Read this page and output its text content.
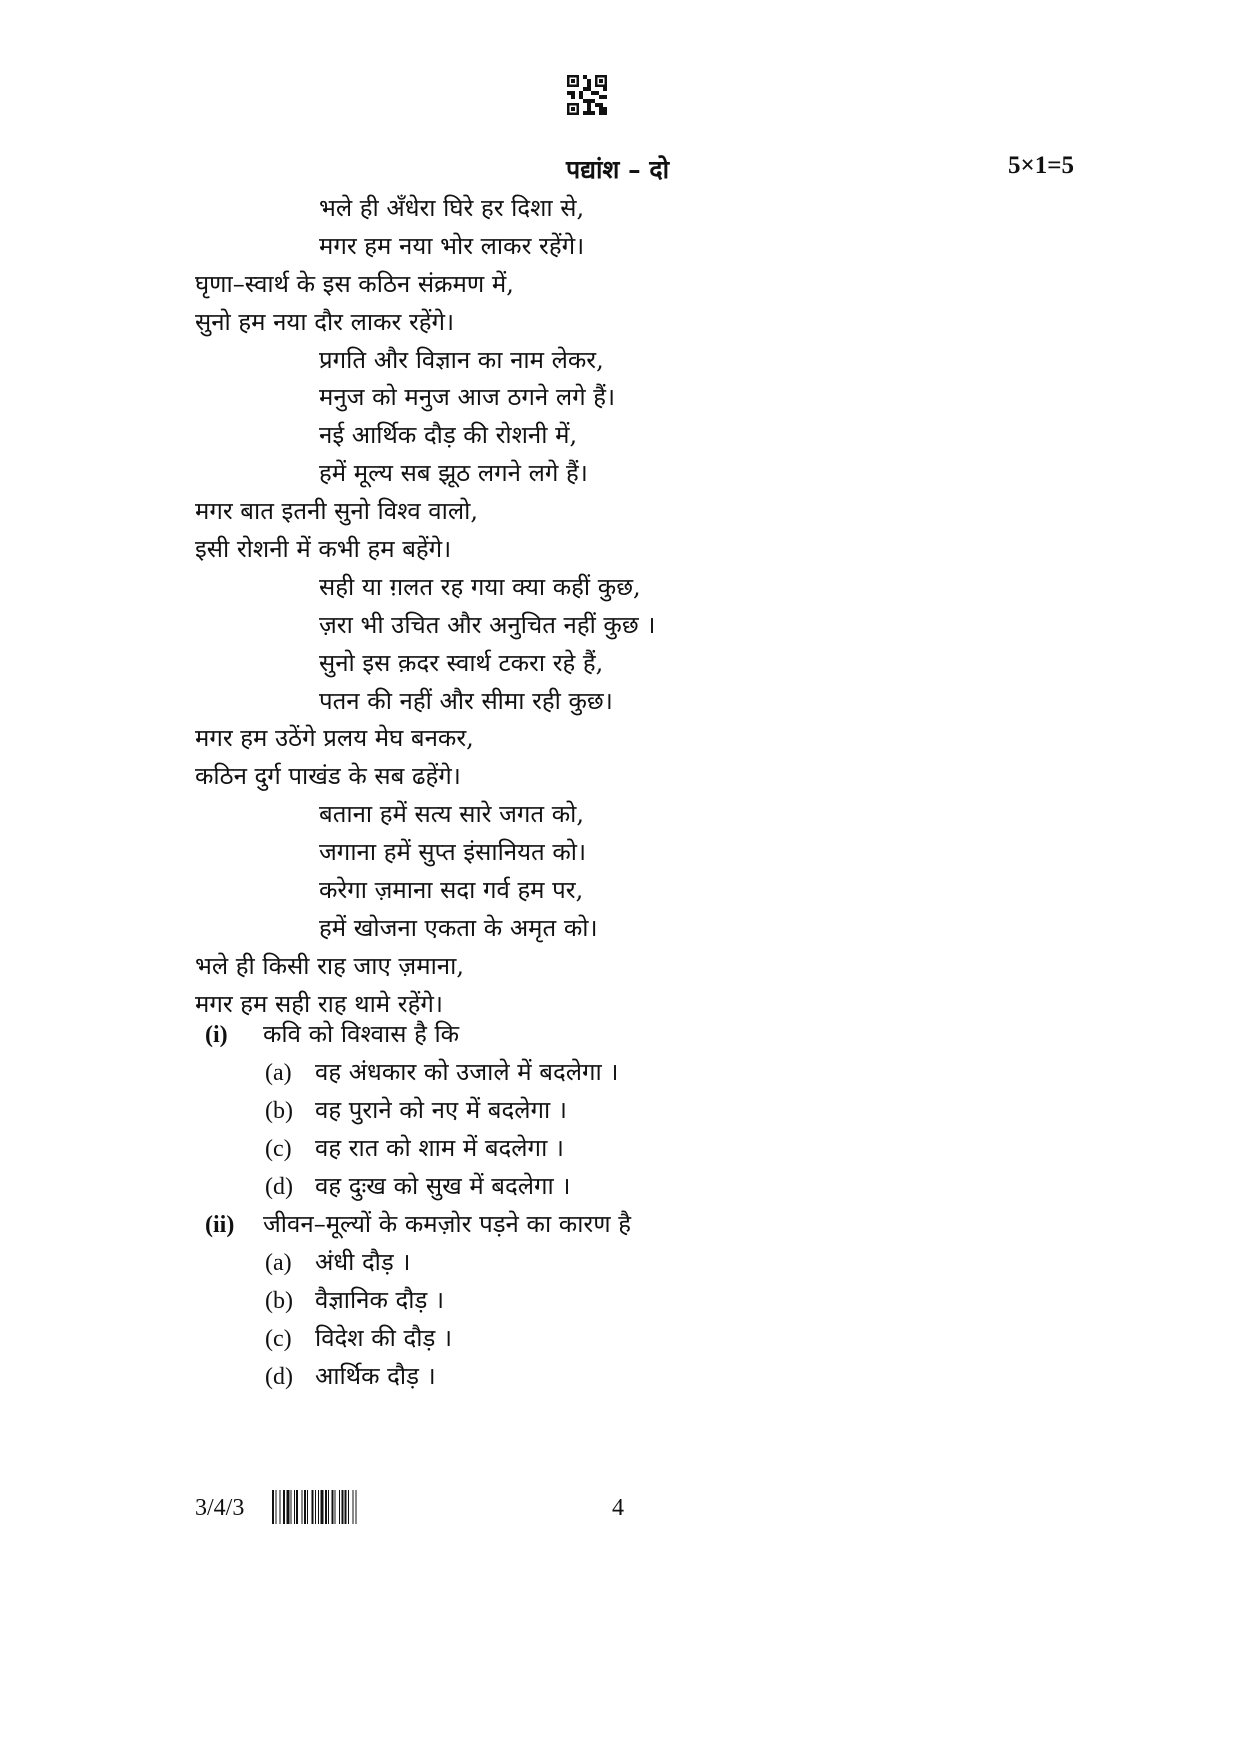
पद्यांश – दो	5×1=5
भले ही अँधेरा घिरे हर दिशा से,
मगर हम नया भोर लाकर रहेंगे।
घृणा–स्वार्थ के इस कठिन संक्रमण में,
सुनो हम नया दौर लाकर रहेंगे।
प्रगति और विज्ञान का नाम लेकर,
मनुज को मनुज आज ठगने लगे हैं।
नई आर्थिक दौड़ की रोशनी में,
हमें मूल्य सब झूठ लगने लगे हैं।
मगर बात इतनी सुनो विश्व वालो,
इसी रोशनी में कभी हम बहेंगे।
सही या ग़लत रह गया क्या कहीं कुछ,
ज़रा भी उचित और अनुचित नहीं कुछ ।
सुनो इस क़दर स्वार्थ टकरा रहे हैं,
पतन की नहीं और सीमा रही कुछ।
मगर हम उठेंगे प्रलय मेघ बनकर,
कठिन दुर्ग पाखंड के सब ढहेंगे।
बताना हमें सत्य सारे जगत को,
जगाना हमें सुप्त इंसानियत को।
करेगा ज़माना सदा गर्व हम पर,
हमें खोजना एकता के अमृत को।
भले ही किसी राह जाए ज़माना,
मगर हम सही राह थामे रहेंगे।
(i) कवि को विश्वास है कि
(a) वह अंधकार को उजाले में बदलेगा ।
(b) वह पुराने को नए में बदलेगा ।
(c) वह रात को शाम में बदलेगा ।
(d) वह दुःख को सुख में बदलेगा ।
(ii) जीवन–मूल्यों के कमज़ोर पड़ने का कारण है
(a) अंधी दौड़ ।
(b) वैज्ञानिक दौड़ ।
(c) विदेश की दौड़ ।
(d) आर्थिक दौड़ ।
3/4/3	4
